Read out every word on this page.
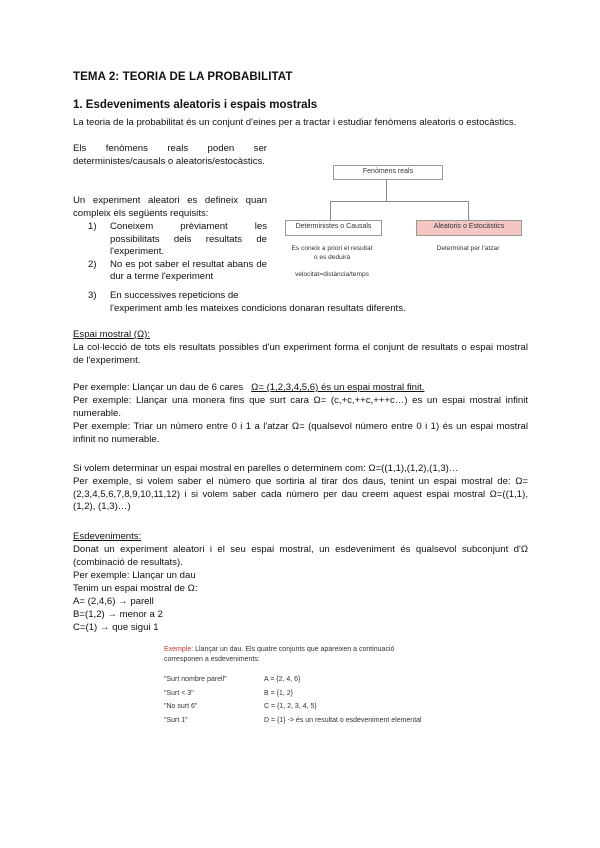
TEMA 2: TEORIA DE LA PROBABILITAT
1. Esdeveniments aleatoris i espais mostrals
La teoria de la probabilitat és un conjunt d'eines per a tractar i estudiar fenòmens aleatoris o estocàstics.
Els fenòmens reals poden ser deterministes/causals o aleatoris/estocàstics.
Un experiment aleatori es defineix quan compleix els següents requisits:
1) Coneixem prèviament les possibilitats dels resultats de l'experiment.
2) No es pot saber el resultat abans de dur a terme l'experiment
3) En successives repeticions de
l'experiment amb les mateixes condicions donaran resultats diferents.
Fenòmens reals
Deterministes o Causals	Aleatoris o Estocàstics
Es coneix a priori el resultat
o es deduirà
velocitat=distància/temps
Determinat per l'atzar
Espai mostral (Ω):
La col·lecció de tots els resultats possibles d'un experiment forma el conjunt de resultats o espai mostral de l'experiment.
Per exemple: Llançar un dau de 6 cares Ω= (1,2,3,4,5,6) és un espai mostral finit.
Per exemple: Llançar una monera fins que surt cara Ω= (c,+c,++c,+++c…) es un espai mostral infinit numerable.
Per exemple: Triar un número entre 0 i 1 a l'atzar Ω= (qualsevol número entre 0 i 1) és un espai mostral infinit no numerable.
Si volem determinar un espai mostral en parelles o determinem com: Ω=((1,1),(1,2),(1,3)…
Per exemple, si volem saber el número que sortiria al tirar dos daus, tenint un espai mostral de: Ω=(2,3,4,5,6,7,8,9,10,11,12) i si volem saber cada número per dau creem aquest espai mostral Ω=((1,1), (1,2), (1,3)…)
Esdeveniments:
Donat un experiment aleatori i el seu espai mostral, un esdeveniment és qualsevol subconjunt d'Ω (combinació de resultats).
Per exemple: Llançar un dau
Tenim un espai mostral de Ω:
A= (2,4,6) → parell
B=(1,2) → menor a 2
C=(1) → que sigui 1
Exemple: Llançar un dau. Els quatre conjunts que apareixen a continuació
corresponen a esdeveniments:
"Surt nombre parell"	A = {2, 4, 6}
"Surt < 3"	B = {1, 2}
"No surt 6"	C = {1, 2, 3, 4, 5}
"Surt 1"	D = {1} -> és un resultat o esdeveniment elemental
